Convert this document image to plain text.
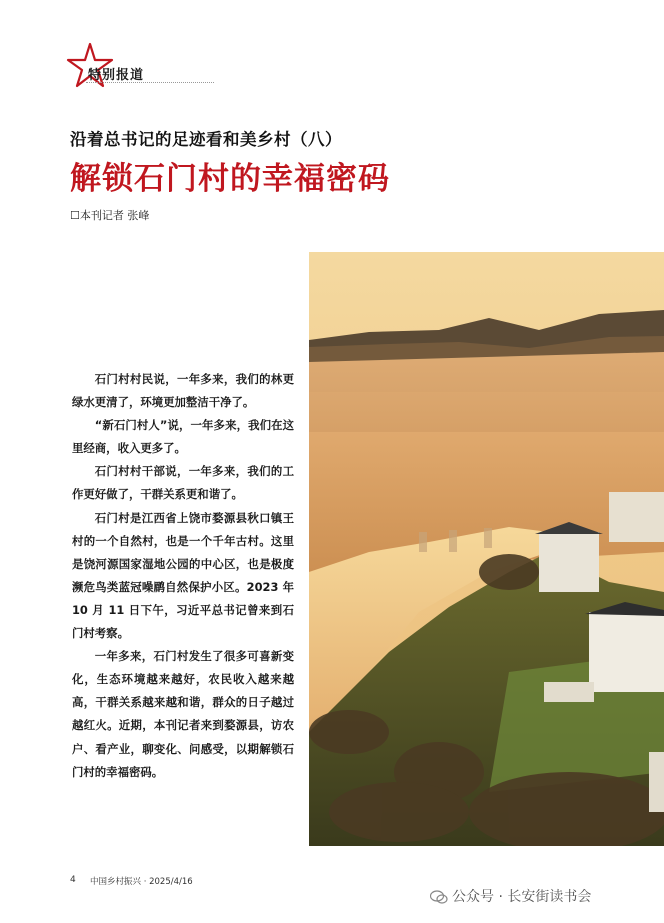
特别报道
沿着总书记的足迹看和美乡村（八）
解锁石门村的幸福密码
☐本刊记者 张峰

石门村村民说，一年多来，我们的林更绿水更清了，环境更加整洁干净了。

“新石门村人”说，一年多来，我们在这里经商，收入更多了。

石门村村干部说，一年多来，我们的工作更好做了，干群关系更和谐了。

石门村是江西省上饶市婺源县秋口镇王村的一个自然村，也是一个千年古村。这里是饶河源国家湿地公园的中心区，也是极度濒危鸟类蓝冠噪鹛自然保护小区。2023 年 10 月 11 日下午，习近平总书记曾来到石门村考察。

一年多来，石门村发生了很多可喜新变化，生态环境越来越好，农民收入越来越高，干群关系越来越和谐，群众的日子越过越红火。近期，本刊记者来到婺源县，访农户、看产业，聊变化、问感受，以期解锁石门村的幸福密码。

4 中国乡村振兴 · 2025/4/16
公众号 · 长安街读书会
